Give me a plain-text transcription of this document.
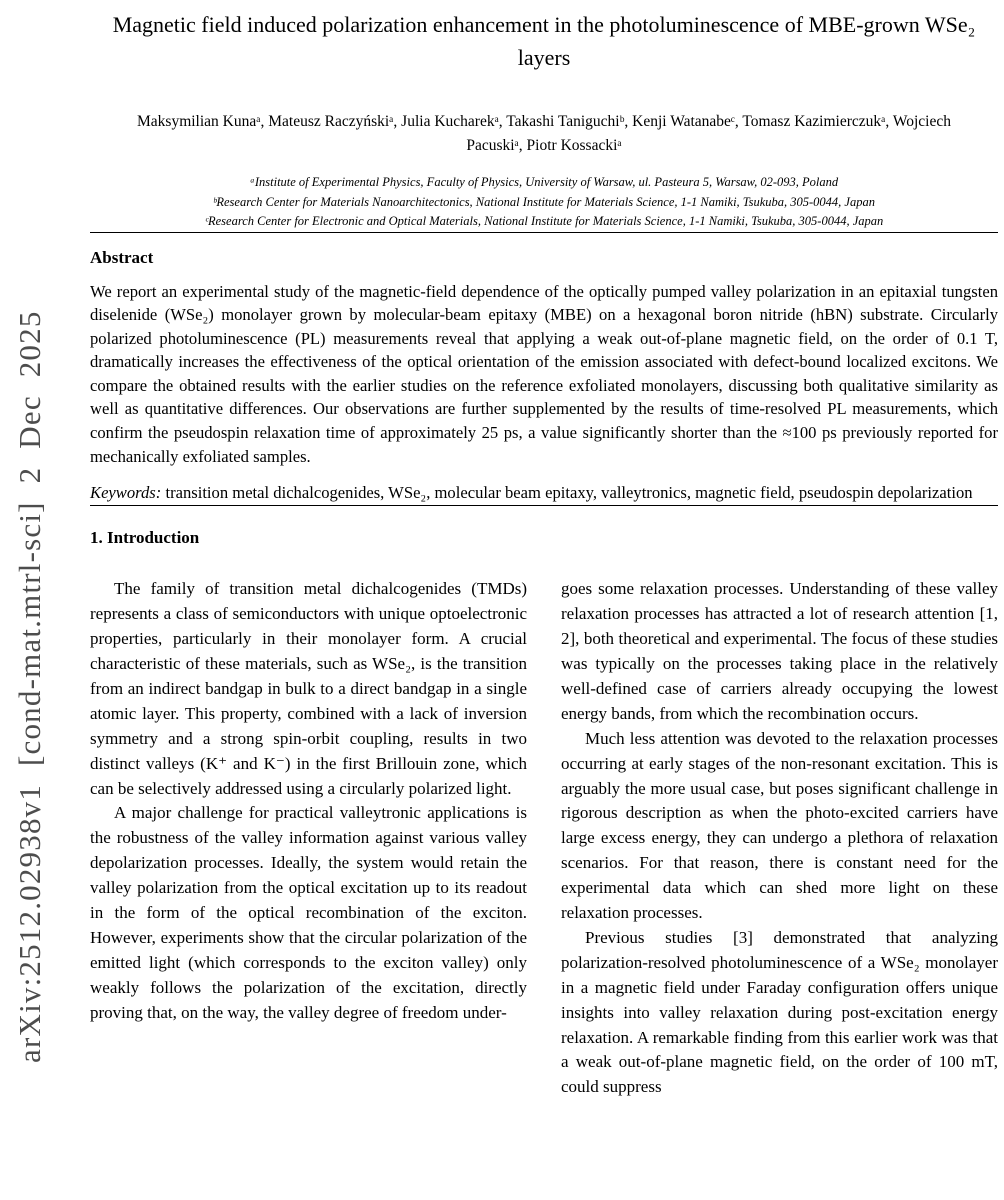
arXiv:2512.02938v1 [cond-mat.mtrl-sci] 2 Dec 2025
Magnetic field induced polarization enhancement in the photoluminescence of MBE-grown WSe₂ layers

Maksymilian Kunaᵃ, Mateusz Raczyńskiᵃ, Julia Kucharekᵃ, Takashi Taniguchiᵇ, Kenji Watanabeᶜ, Tomasz Kazimierczukᵃ, Wojciech Pacuskiᵃ, Piotr Kossackiᵃ

ᵃInstitute of Experimental Physics, Faculty of Physics, University of Warsaw, ul. Pasteura 5, Warsaw, 02-093, Poland

ᵇResearch Center for Materials Nanoarchitectonics, National Institute for Materials Science, 1-1 Namiki, Tsukuba, 305-0044, Japan

ᶜResearch Center for Electronic and Optical Materials, National Institute for Materials Science, 1-1 Namiki, Tsukuba, 305-0044, Japan

Abstract

We report an experimental study of the magnetic-field dependence of the optically pumped valley polarization in an epitaxial tungsten diselenide (WSe₂) monolayer grown by molecular-beam epitaxy (MBE) on a hexagonal boron nitride (hBN) substrate. Circularly polarized photoluminescence (PL) measurements reveal that applying a weak out-of-plane magnetic field, on the order of 0.1 T, dramatically increases the effectiveness of the optical orientation of the emission associated with defect-bound localized excitons. We compare the obtained results with the earlier studies on the reference exfoliated monolayers, discussing both qualitative similarity as well as quantitative differences. Our observations are further supplemented by the results of time-resolved PL measurements, which confirm the pseudospin relaxation time of approximately 25 ps, a value significantly shorter than the ≈100 ps previously reported for mechanically exfoliated samples.

Keywords: transition metal dichalcogenides, WSe₂, molecular beam epitaxy, valleytronics, magnetic field, pseudospin depolarization

1. Introduction

The family of transition metal dichalcogenides (TMDs) represents a class of semiconductors with unique optoelectronic properties, particularly in their monolayer form. A crucial characteristic of these materials, such as WSe₂, is the transition from an indirect bandgap in bulk to a direct bandgap in a single atomic layer. This property, combined with a lack of inversion symmetry and a strong spin-orbit coupling, results in two distinct valleys (K⁺ and K⁻) in the first Brillouin zone, which can be selectively addressed using a circularly polarized light.

A major challenge for practical valleytronic applications is the robustness of the valley information against various valley depolarization processes. Ideally, the system would retain the valley polarization from the optical excitation up to its readout in the form of the optical recombination of the exciton. However, experiments show that the circular polarization of the emitted light (which corresponds to the exciton valley) only weakly follows the polarization of the excitation, directly proving that, on the way, the valley degree of freedom under-

goes some relaxation processes. Understanding of these valley relaxation processes has attracted a lot of research attention [1, 2], both theoretical and experimental. The focus of these studies was typically on the processes taking place in the relatively well-defined case of carriers already occupying the lowest energy bands, from which the recombination occurs.

Much less attention was devoted to the relaxation processes occurring at early stages of the non-resonant excitation. This is arguably the more usual case, but poses significant challenge in rigorous description as when the photo-excited carriers have large excess energy, they can undergo a plethora of relaxation scenarios. For that reason, there is constant need for the experimental data which can shed more light on these relaxation processes.

Previous studies [3] demonstrated that analyzing polarization-resolved photoluminescence of a WSe₂ monolayer in a magnetic field under Faraday configuration offers unique insights into valley relaxation during post-excitation energy relaxation. A remarkable finding from this earlier work was that a weak out-of-plane magnetic field, on the order of 100 mT, could suppress
